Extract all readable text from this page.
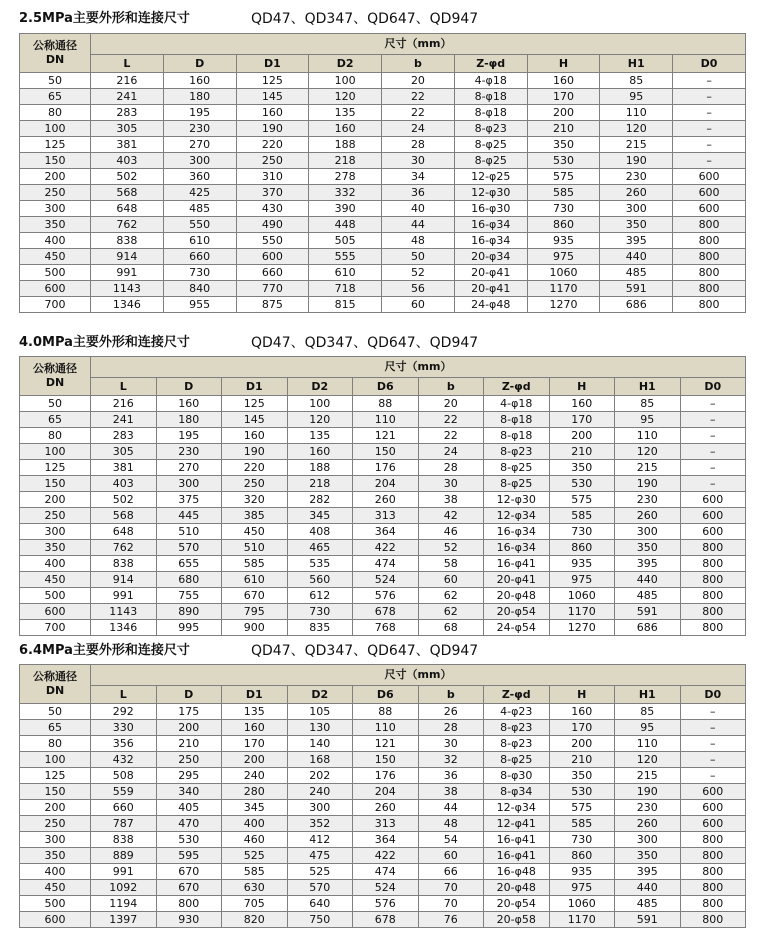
2.5MPa主要外形和连接尺寸	QD47、QD347、QD647、QD947
公称通径
DN	尺寸（mm）								
	L	D	D1	D2	b	Z-φd	H	H1	D0
50	216	160	125	100	20	4-φ18	160	85	–
65	241	180	145	120	22	8-φ18	170	95	–
80	283	195	160	135	22	8-φ18	200	110	–
100	305	230	190	160	24	8-φ23	210	120	–
125	381	270	220	188	28	8-φ25	350	215	–
150	403	300	250	218	30	8-φ25	530	190	–
200	502	360	310	278	34	12-φ25	575	230	600
250	568	425	370	332	36	12-φ30	585	260	600
300	648	485	430	390	40	16-φ30	730	300	600
350	762	550	490	448	44	16-φ34	860	350	800
400	838	610	550	505	48	16-φ34	935	395	800
450	914	660	600	555	50	20-φ34	975	440	800
500	991	730	660	610	52	20-φ41	1060	485	800
600	1143	840	770	718	56	20-φ41	1170	591	800
700	1346	955	875	815	60	24-φ48	1270	686	800
4.0MPa主要外形和连接尺寸	QD47、QD347、QD647、QD947
公称通径
DN	尺寸（mm）									
	L	D	D1	D2	D6	b	Z-φd	H	H1	D0
50	216	160	125	100	88	20	4-φ18	160	85	–
65	241	180	145	120	110	22	8-φ18	170	95	–
80	283	195	160	135	121	22	8-φ18	200	110	–
100	305	230	190	160	150	24	8-φ23	210	120	–
125	381	270	220	188	176	28	8-φ25	350	215	–
150	403	300	250	218	204	30	8-φ25	530	190	–
200	502	375	320	282	260	38	12-φ30	575	230	600
250	568	445	385	345	313	42	12-φ34	585	260	600
300	648	510	450	408	364	46	16-φ34	730	300	600
350	762	570	510	465	422	52	16-φ34	860	350	800
400	838	655	585	535	474	58	16-φ41	935	395	800
450	914	680	610	560	524	60	20-φ41	975	440	800
500	991	755	670	612	576	62	20-φ48	1060	485	800
600	1143	890	795	730	678	62	20-φ54	1170	591	800
700	1346	995	900	835	768	68	24-φ54	1270	686	800
6.4MPa主要外形和连接尺寸	QD47、QD347、QD647、QD947
公称通径
DN	尺寸（mm）									
	L	D	D1	D2	D6	b	Z-φd	H	H1	D0
50	292	175	135	105	88	26	4-φ23	160	85	–
65	330	200	160	130	110	28	8-φ23	170	95	–
80	356	210	170	140	121	30	8-φ23	200	110	–
100	432	250	200	168	150	32	8-φ25	210	120	–
125	508	295	240	202	176	36	8-φ30	350	215	–
150	559	340	280	240	204	38	8-φ34	530	190	600
200	660	405	345	300	260	44	12-φ34	575	230	600
250	787	470	400	352	313	48	12-φ41	585	260	600
300	838	530	460	412	364	54	16-φ41	730	300	800
350	889	595	525	475	422	60	16-φ41	860	350	800
400	991	670	585	525	474	66	16-φ48	935	395	800
450	1092	670	630	570	524	70	20-φ48	975	440	800
500	1194	800	705	640	576	70	20-φ54	1060	485	800
600	1397	930	820	750	678	76	20-φ58	1170	591	800
